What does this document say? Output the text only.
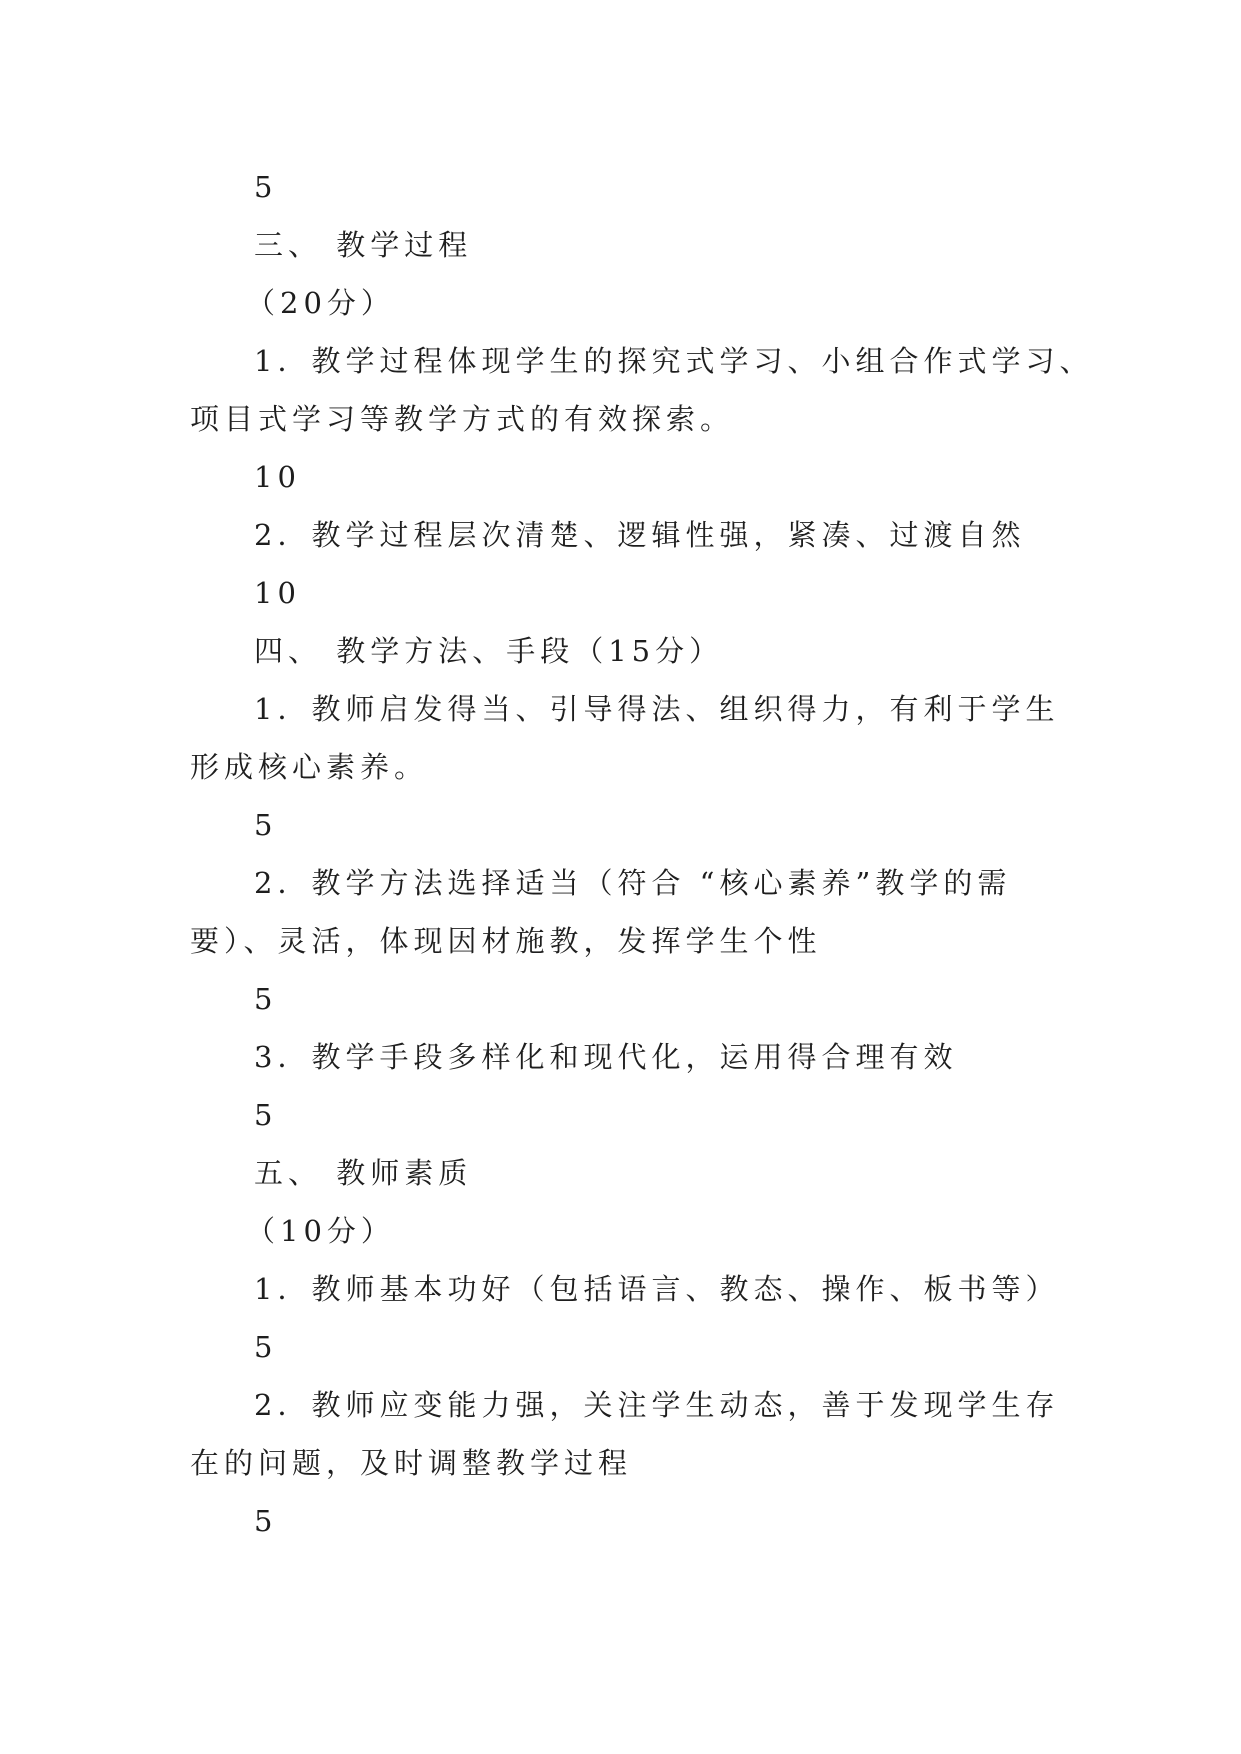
5
三、 教学过程
（20分）
1．教学过程体现学生的探究式学习、小组合作式学习、
项目式学习等教学方式的有效探索。
10
2．教学过程层次清楚、逻辑性强，紧凑、过渡自然
10
四、 教学方法、手段（15分）
1．教师启发得当、引导得法、组织得力，有利于学生
形成核心素养。
5
2．教学方法选择适当（符合 “核心素养”教学的需
要）、灵活，体现因材施教，发挥学生个性
5
3．教学手段多样化和现代化，运用得合理有效
5
五、 教师素质
（10分）
1．教师基本功好（包括语言、教态、操作、板书等）
5
2．教师应变能力强，关注学生动态，善于发现学生存
在的问题，及时调整教学过程
5
